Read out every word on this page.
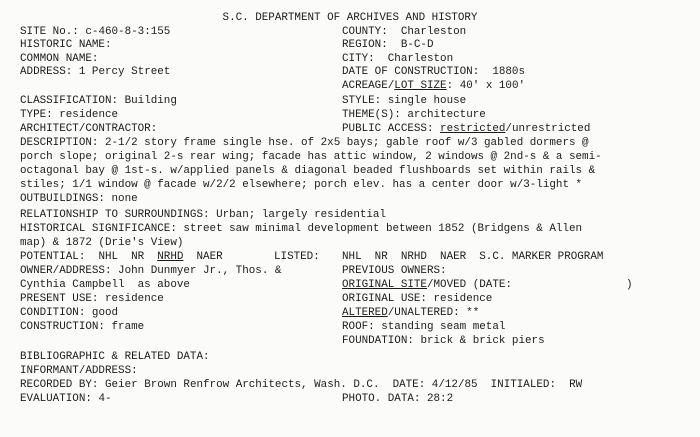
S.C. DEPARTMENT OF ARCHIVES AND HISTORY
SITE No.: c-460-8-3:155	COUNTY: Charleston
HISTORIC NAME:	REGION: B-C-D
COMMON NAME:	CITY: Charleston
ADDRESS: 1 Percy Street	DATE OF CONSTRUCTION: 1880s
ACREAGE/LOT SIZE: 40' x 100'
CLASSIFICATION: Building	STYLE: single house
TYPE: residence	THEME(S): architecture
ARCHITECT/CONTRACTOR:	PUBLIC ACCESS: restricted/unrestricted
DESCRIPTION: 2-1/2 story frame single hse. of 2x5 bays; gable roof w/3 gabled dormers @
porch slope; original 2-s rear wing; facade has attic window, 2 windows @ 2nd-s & a semi-
octagonal bay @ 1st-s. w/applied panels & diagonal beaded flushboards set within rails &
stiles; 1/1 window @ facade w/2/2 elsewhere; porch elev. has a center door w/3-light *
OUTBUILDINGS: none
RELATIONSHIP TO SURROUNDINGS: Urban; largely residential
HISTORICAL SIGNIFICANCE: street saw minimal development between 1852 (Bridgens & Allen
map) & 1872 (Drie's View)
POTENTIAL: NHL  NR  NRHD  NAER	LISTED: NHL  NR  NRHD  NAER  S.C. MARKER PROGRAM
OWNER/ADDRESS: John Dunmyer Jr., Thos. &	PREVIOUS OWNERS:
Cynthia Campbell  as above	ORIGINAL SITE/MOVED (DATE:	)
PRESENT USE: residence	ORIGINAL USE: residence
CONDITION: good	ALTERED/UNALTERED: **
CONSTRUCTION: frame	ROOF: standing seam metal
FOUNDATION: brick & brick piers
BIBLIOGRAPHIC & RELATED DATA:
INFORMANT/ADDRESS:
RECORDED BY: Geier Brown Renfrow Architects, Wash. D.C. DATE: 4/12/85 INITIALED: RW
EVALUATION: 4-	PHOTO. DATA: 28:2
